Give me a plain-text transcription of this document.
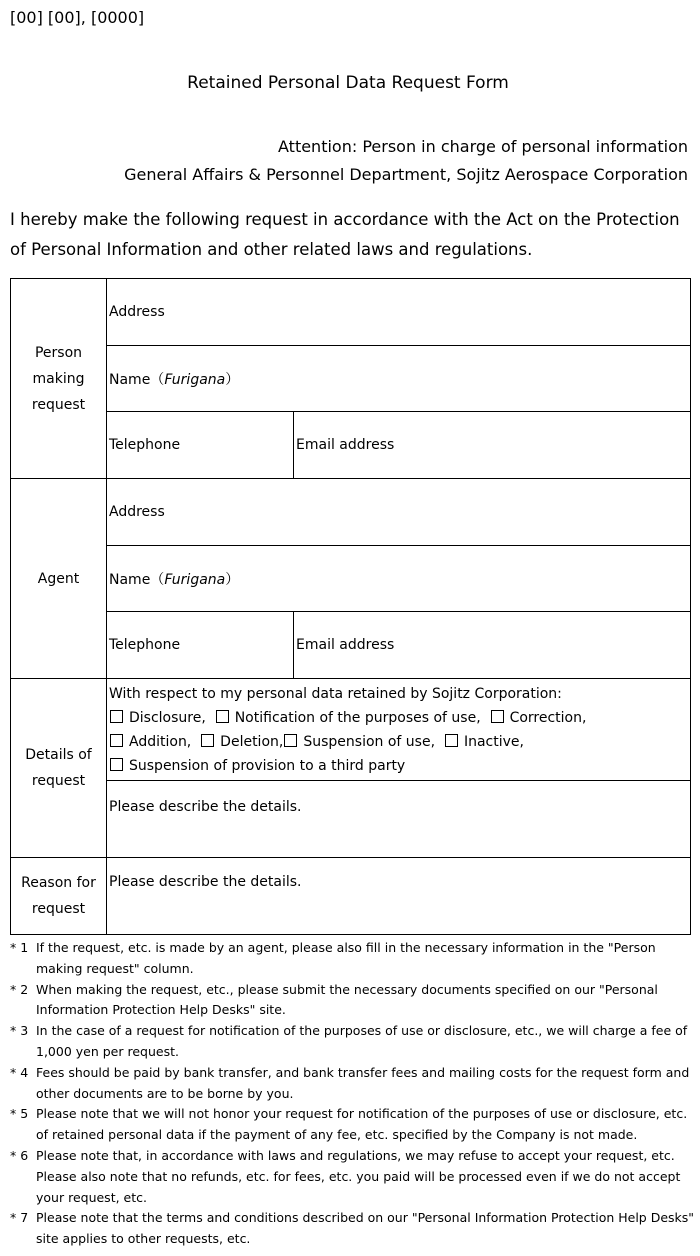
[00] [00], [0000]
Retained Personal Data Request Form
Attention: Person in charge of personal information
General Affairs & Personnel Department, Sojitz Aerospace Corporation
I hereby make the following request in accordance with the Act on the Protection of Personal Information and other related laws and regulations.
Person making request	Address	
	Name（Furigana）	
	Telephone	Email address
Agent	Address	
	Name（Furigana）	
	Telephone	Email address
Details of request	With respect to my personal data retained by Sojitz Corporation:
Disclosure, Notification of the purposes of use, Correction,
Addition, Deletion, Suspension of use, Inactive,
Suspension of provision to a third party	

	Please describe the details.	
Reason for request	Please describe the details.	
* 1 If the request, etc. is made by an agent, please also fill in the necessary information in the "Person making request" column.
* 2 When making the request, etc., please submit the necessary documents specified on our "Personal Information Protection Help Desks" site.
* 3 In the case of a request for notification of the purposes of use or disclosure, etc., we will charge a fee of 1,000 yen per request.
* 4 Fees should be paid by bank transfer, and bank transfer fees and mailing costs for the request form and other documents are to be borne by you.
* 5 Please note that we will not honor your request for notification of the purposes of use or disclosure, etc. of retained personal data if the payment of any fee, etc. specified by the Company is not made.
* 6 Please note that, in accordance with laws and regulations, we may refuse to accept your request, etc. Please also note that no refunds, etc. for fees, etc. you paid will be processed even if we do not accept your request, etc.
* 7 Please note that the terms and conditions described on our "Personal Information Protection Help Desks" site applies to other requests, etc.
